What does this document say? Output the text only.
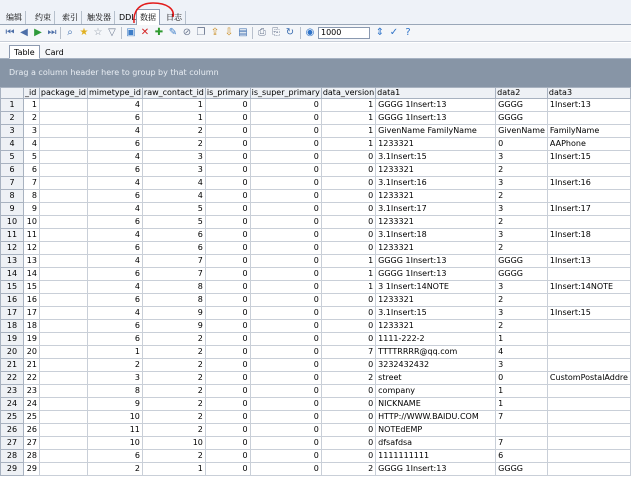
编辑	约束	索引	触发器	DDL 数据	日志
⏮ ◀ ▶ ⏭	⌕ ★ ☆ ▽ ▣ ✕ ✚ ✎ ⊘ ❐ ⇪ ⇩ ▤ ⎙ ⎘ ↻ ◉
1000	⇕ ✓ ?
Table	Card
Drag a column header here to group by that column
	_id	package_id	mimetype_id	raw_contact_id	is_primary	is_super_primary	data_version	data1	data2	data3
1	1		4	1	0	0	1	GGGG 1Insert:13	GGGG	1Insert:13
2	2		6	1	0	0	1	GGGG 1Insert:13	GGGG	
3	3		4	2	0	0	1	GivenName FamilyName	GivenName	FamilyName
4	4		6	2	0	0	1	1233321	0	AAPhone
5	5		4	3	0	0	0	3.1Insert:15	3	1Insert:15
6	6		6	3	0	0	0	1233321	2	
7	7		4	4	0	0	0	3.1Insert:16	3	1Insert:16
8	8		6	4	0	0	0	1233321	2	
9	9		4	5	0	0	0	3.1Insert:17	3	1Insert:17
10	10		6	5	0	0	0	1233321	2	
11	11		4	6	0	0	0	3.1Insert:18	3	1Insert:18
12	12		6	6	0	0	0	1233321	2	
13	13		4	7	0	0	1	GGGG 1Insert:13	GGGG	1Insert:13
14	14		6	7	0	0	1	GGGG 1Insert:13	GGGG	
15	15		4	8	0	0	1	3 1Insert:14NOTE	3	1Insert:14NOTE
16	16		6	8	0	0	0	1233321	2	
17	17		4	9	0	0	0	3.1Insert:15	3	1Insert:15
18	18		6	9	0	0	0	1233321	2	
19	19		6	2	0	0	0	1111-222-2	1	
20	20		1	2	0	0	7	TTTTRRRR@qq.com	4	
21	21		2	2	0	0	0	3232432432	3	
22	22		3	2	0	0	2	street	0	CustomPostalAddre
23	23		8	2	0	0	0	company	1	
24	24		9	2	0	0	0	NICKNAME	1	
25	25		10	2	0	0	0	HTTP://WWW.BAIDU.COM	7	
26	26		11	2	0	0	0	NOTEdEMP		
27	27		10	10	0	0	0	dfsafdsa	7	
28	28		6	2	0	0	0	1111111111	6	
29	29		2	1	0	0	2	GGGG 1Insert:13	GGGG	
